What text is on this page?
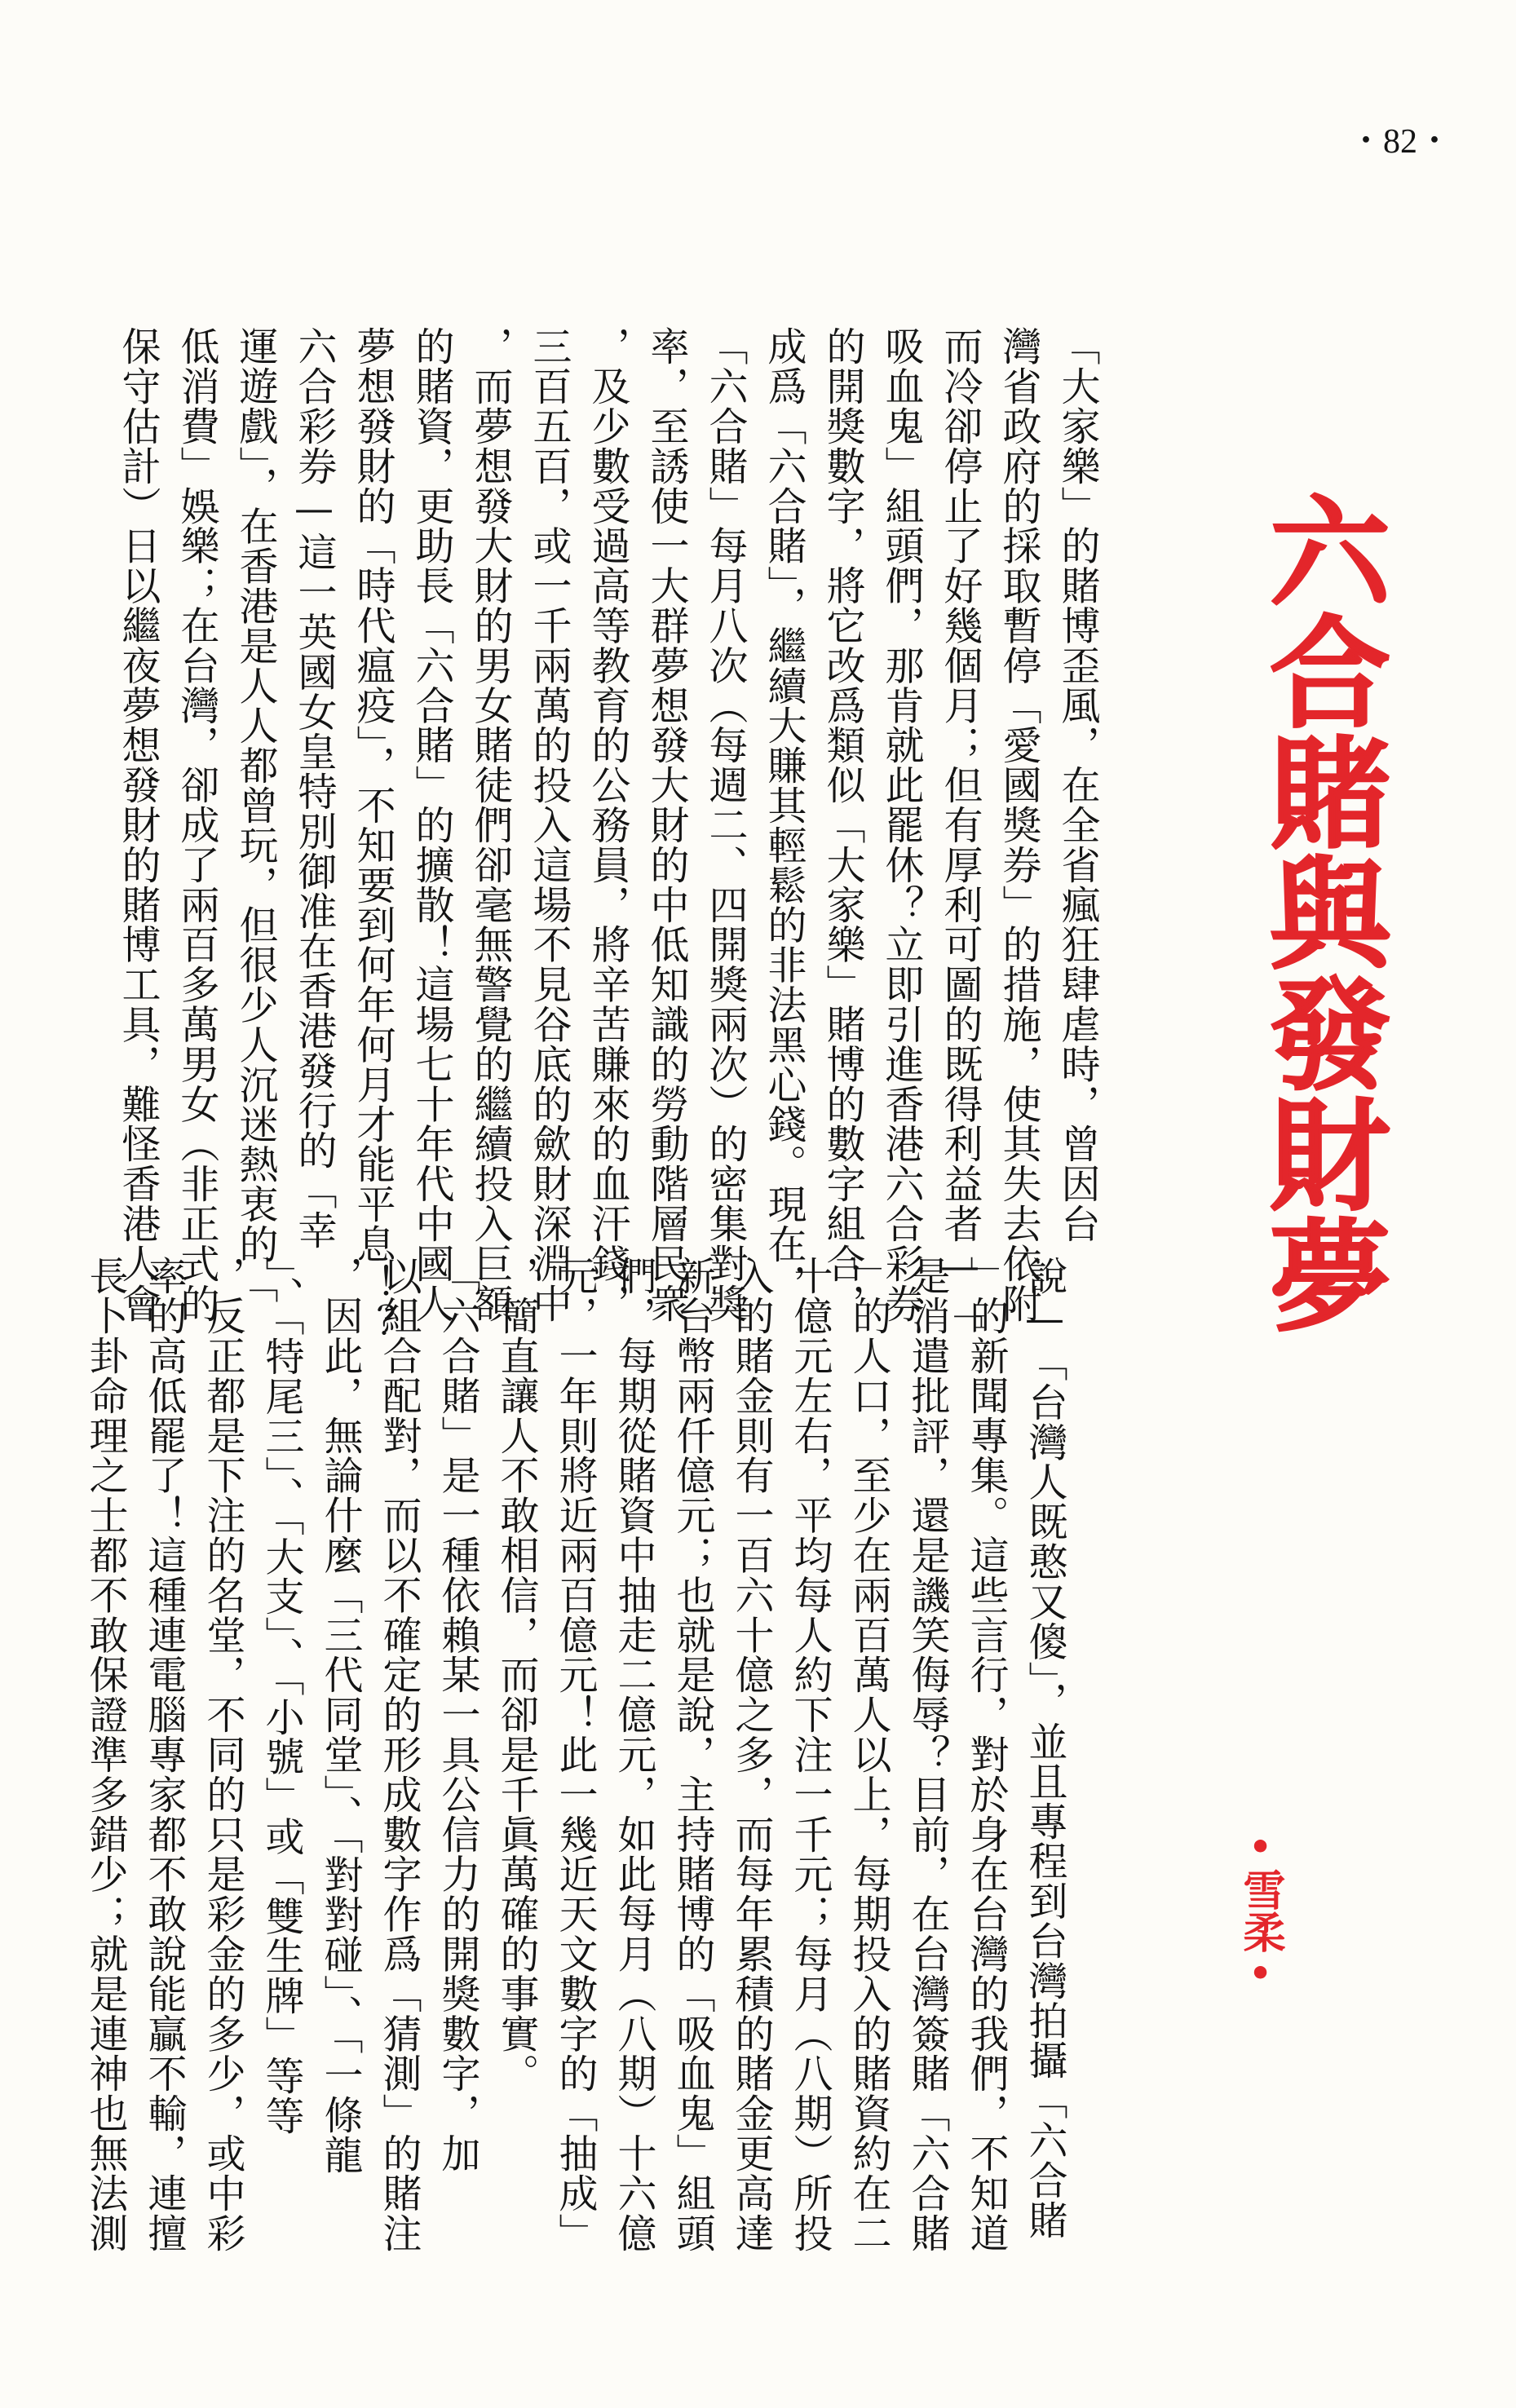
・82・
六合賭與發財夢
•雪柔•
「大家樂」的賭博歪風，在全省瘋狂肆虐時，曾因台
灣省政府的採取暫停「愛國獎券」的措施，使其失去依附
而冷卻停止了好幾個月；但有厚利可圖的既得利益者—「
吸血鬼」組頭們，那肯就此罷休？立即引進香港六合彩券
的開獎數字，將它改爲類似「大家樂」賭博的數字組合，
成爲「六合賭」，繼續大賺其輕鬆的非法黑心錢。現在，
「六合賭」每月八次（每週二、四開獎兩次）的密集對獎
率，至誘使一大群夢想發大財的中低知識的勞動階層民衆
，及少數受過高等教育的公務員，將辛苦賺來的血汗錢，
三百五百，或一千兩萬的投入這場不見谷底的歛財深淵中
，而夢想發大財的男女賭徒們卻毫無警覺的繼續投入巨額
的賭資，更助長「六合賭」的擴散！這場七十年代中國人
夢想發財的「時代瘟疫」，不知要到何年何月才能平息！？
六合彩券—這一英國女皇特別御准在香港發行的「幸
運遊戲」，在香港是人人都曾玩，但很少人沉迷熱衷的「
低消費」娛樂；在台灣，卻成了兩百多萬男女（非正式的
保守估計）日以繼夜夢想發財的賭博工具，難怪香港人會
說—「台灣人既憨又傻」，並且專程到台灣拍攝「六合賭
」的新聞專集。這些言行，對於身在台灣的我們，不知道
是消遣批評，還是譏笑侮辱？目前，在台灣簽賭「六合賭
」的人口，至少在兩百萬人以上，每期投入的賭資約在二
十億元左右，平均每人約下注一千元；每月（八期）所投
入的賭金則有一百六十億之多，而每年累積的賭金更高達
新台幣兩仟億元；也就是說，主持賭博的「吸血鬼」組頭
們，每期從賭資中抽走二億元，如此每月（八期）十六億
元，一年則將近兩百億元！此一幾近天文數字的「抽成」
，簡直讓人不敢相信，而卻是千眞萬確的事實。
「六合賭」是一種依賴某一具公信力的開獎數字，加
以組合配對，而以不確定的形成數字作爲「猜測」的賭注
，因此，無論什麼「三代同堂」、「對對碰」、「一條龍
」、「特尾三」、「大支」、「小號」或「雙生牌」等等
，反正都是下注的名堂，不同的只是彩金的多少，或中彩
率的高低罷了！這種連電腦專家都不敢說能贏不輸，連擅
長卜卦命理之士都不敢保證準多錯少；就是連神也無法測
